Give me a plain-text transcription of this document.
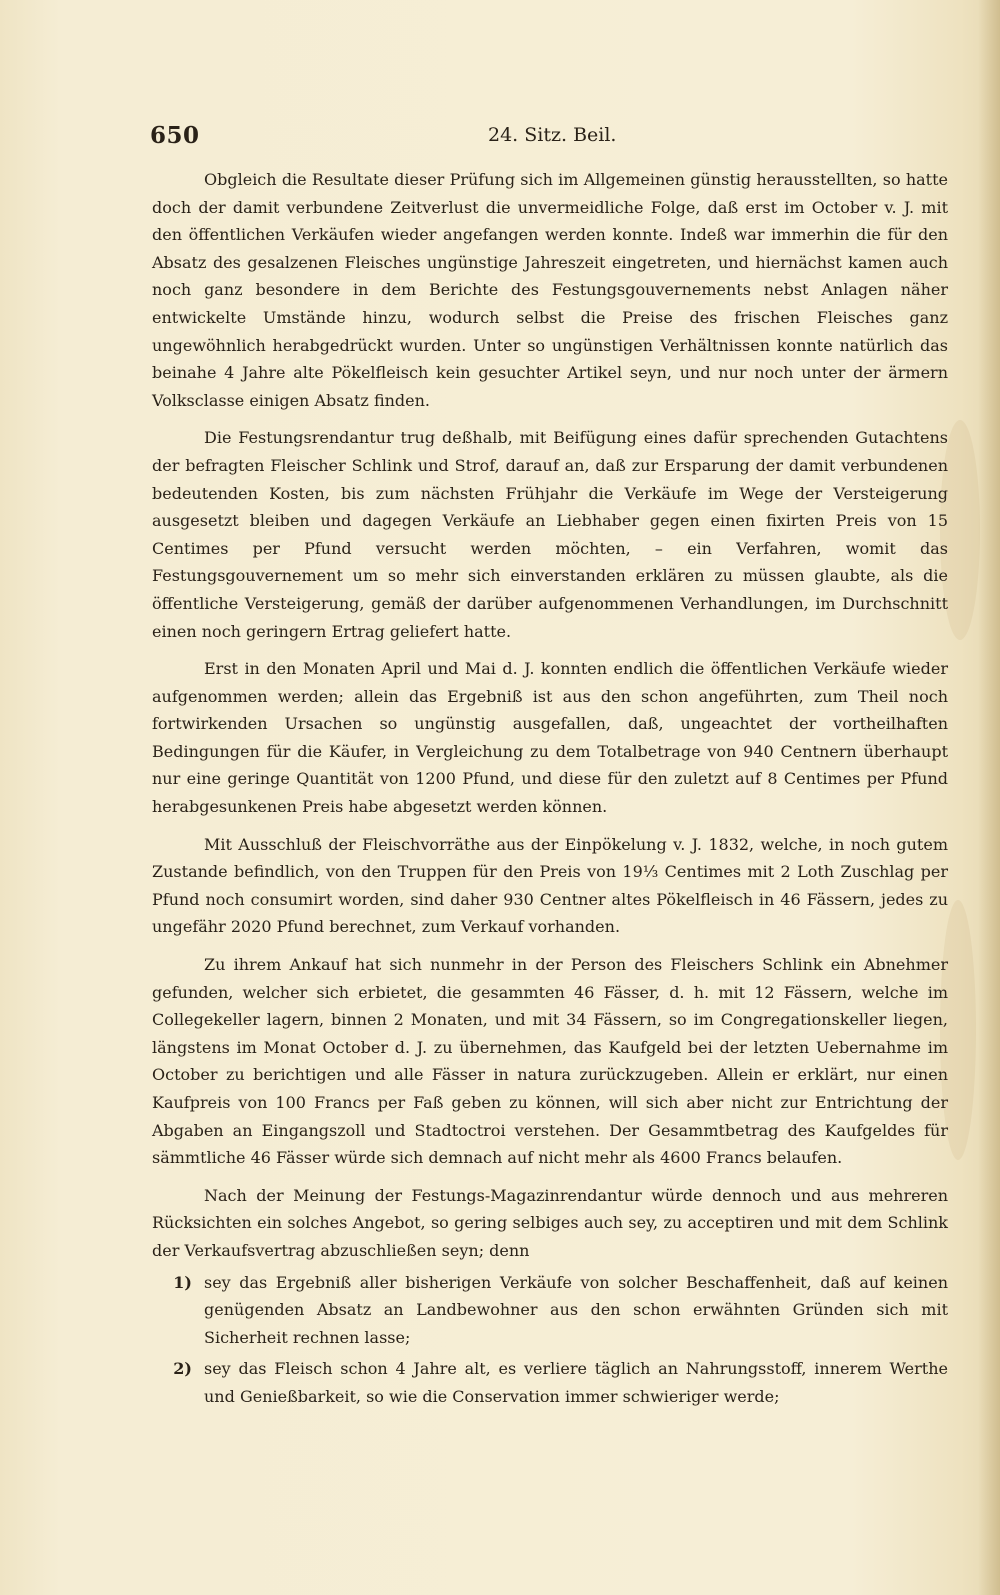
650	24. Sitz. Beil.

Obgleich die Resultate dieser Prüfung sich im Allgemeinen günstig herausstellten, so hatte doch der damit verbundene Zeitverlust die unvermeidliche Folge, daß erst im October v. J. mit den öffentlichen Verkäufen wieder angefangen werden konnte. Indeß war immerhin die für den Absatz des gesalzenen Fleisches ungünstige Jahreszeit eingetreten, und hiernächst kamen auch noch ganz besondere in dem Berichte des Festungsgouvernements nebst Anlagen näher entwickelte Umstände hinzu, wodurch selbst die Preise des frischen Fleisches ganz ungewöhnlich herabgedrückt wurden. Unter so ungünstigen Verhältnissen konnte natürlich das beinahe 4 Jahre alte Pökelfleisch kein gesuchter Artikel seyn, und nur noch unter der ärmern Volksclasse einigen Absatz finden.

Die Festungsrendantur trug deßhalb, mit Beifügung eines dafür sprechenden Gutachtens der befragten Fleischer Schlink und Strof, darauf an, daß zur Ersparung der damit verbundenen bedeutenden Kosten, bis zum nächsten Frühjahr die Verkäufe im Wege der Versteigerung ausgesetzt bleiben und dagegen Verkäufe an Liebhaber gegen einen fixirten Preis von 15 Centimes per Pfund versucht werden möchten, – ein Verfahren, womit das Festungsgouvernement um so mehr sich einverstanden erklären zu müssen glaubte, als die öffentliche Versteigerung, gemäß der darüber aufgenommenen Verhandlungen, im Durchschnitt einen noch geringern Ertrag geliefert hatte.

Erst in den Monaten April und Mai d. J. konnten endlich die öffentlichen Verkäufe wieder aufgenommen werden; allein das Ergebniß ist aus den schon angeführten, zum Theil noch fortwirkenden Ursachen so ungünstig ausgefallen, daß, ungeachtet der vortheilhaften Bedingungen für die Käufer, in Vergleichung zu dem Totalbetrage von 940 Centnern überhaupt nur eine geringe Quantität von 1200 Pfund, und diese für den zuletzt auf 8 Centimes per Pfund herabgesunkenen Preis habe abgesetzt werden können.

Mit Ausschluß der Fleischvorräthe aus der Einpökelung v. J. 1832, welche, in noch gutem Zustande befindlich, von den Truppen für den Preis von 19⅓ Centimes mit 2 Loth Zuschlag per Pfund noch consumirt worden, sind daher 930 Centner altes Pökelfleisch in 46 Fässern, jedes zu ungefähr 2020 Pfund berechnet, zum Verkauf vorhanden.

Zu ihrem Ankauf hat sich nunmehr in der Person des Fleischers Schlink ein Abnehmer gefunden, welcher sich erbietet, die gesammten 46 Fässer, d. h. mit 12 Fässern, welche im Collegekeller lagern, binnen 2 Monaten, und mit 34 Fässern, so im Congregationskeller liegen, längstens im Monat October d. J. zu übernehmen, das Kaufgeld bei der letzten Uebernahme im October zu berichtigen und alle Fässer in natura zurückzugeben. Allein er erklärt, nur einen Kaufpreis von 100 Francs per Faß geben zu können, will sich aber nicht zur Entrichtung der Abgaben an Eingangszoll und Stadtoctroi verstehen. Der Gesammtbetrag des Kaufgeldes für sämmtliche 46 Fässer würde sich demnach auf nicht mehr als 4600 Francs belaufen.

Nach der Meinung der Festungs-Magazinrendantur würde dennoch und aus mehreren Rücksichten ein solches Angebot, so gering selbiges auch sey, zu acceptiren und mit dem Schlink der Verkaufsvertrag abzuschließen seyn; denn

1) sey das Ergebniß aller bisherigen Verkäufe von solcher Beschaffenheit, daß auf keinen genügenden Absatz an Landbewohner aus den schon erwähnten Gründen sich mit Sicherheit rechnen lasse;
2) sey das Fleisch schon 4 Jahre alt, es verliere täglich an Nahrungsstoff, innerem Werthe und Genießbarkeit, so wie die Conservation immer schwieriger werde;
